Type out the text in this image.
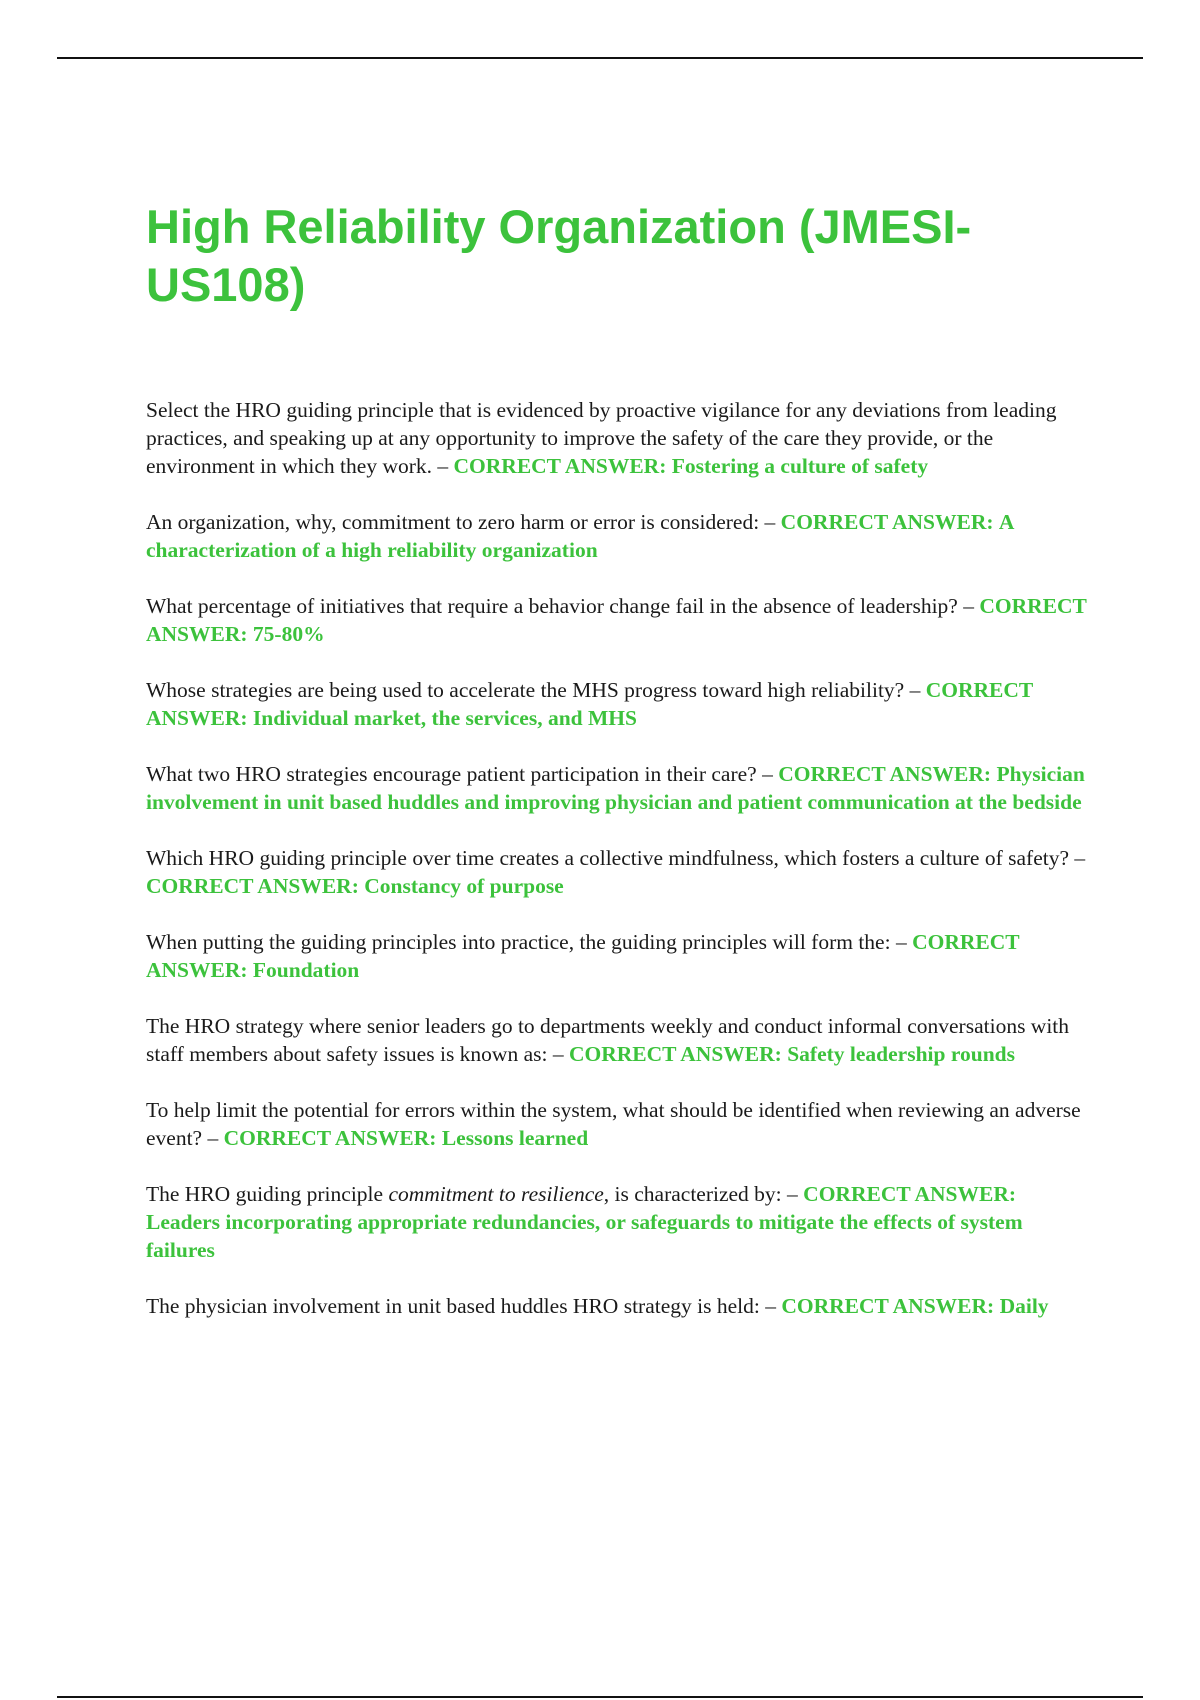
High Reliability Organization (JMESI-US108)

Select the HRO guiding principle that is evidenced by proactive vigilance for any deviations from leading practices, and speaking up at any opportunity to improve the safety of the care they provide, or the environment in which they work. – CORRECT ANSWER: Fostering a culture of safety

An organization, why, commitment to zero harm or error is considered: – CORRECT ANSWER: A characterization of a high reliability organization

What percentage of initiatives that require a behavior change fail in the absence of leadership? – CORRECT ANSWER: 75-80%

Whose strategies are being used to accelerate the MHS progress toward high reliability? – CORRECT ANSWER: Individual market, the services, and MHS

What two HRO strategies encourage patient participation in their care? – CORRECT ANSWER: Physician involvement in unit based huddles and improving physician and patient communication at the bedside

Which HRO guiding principle over time creates a collective mindfulness, which fosters a culture of safety? – CORRECT ANSWER: Constancy of purpose

When putting the guiding principles into practice, the guiding principles will form the: – CORRECT ANSWER: Foundation

The HRO strategy where senior leaders go to departments weekly and conduct informal conversations with staff members about safety issues is known as: – CORRECT ANSWER: Safety leadership rounds

To help limit the potential for errors within the system, what should be identified when reviewing an adverse event? – CORRECT ANSWER: Lessons learned

The HRO guiding principle commitment to resilience, is characterized by: – CORRECT ANSWER: Leaders incorporating appropriate redundancies, or safeguards to mitigate the effects of system failures

The physician involvement in unit based huddles HRO strategy is held: – CORRECT ANSWER: Daily
